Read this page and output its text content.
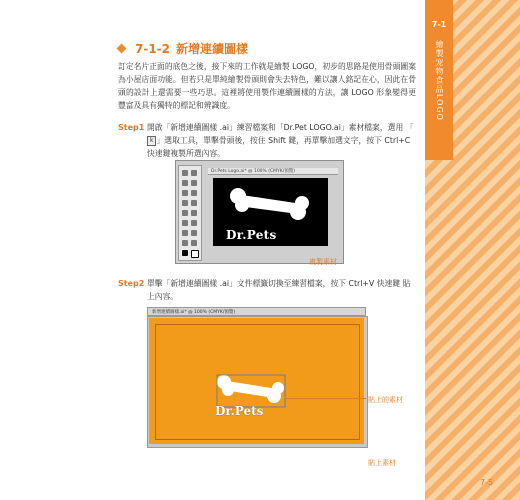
7-1
繪製宠物食品LOGO
7-1-2 新增連續圖樣
訂定名片正面的底色之後，接下來的工作就是繪製 LOGO，初步的思路是使用骨頭圖案為小屋店面功能。但若只是單純繪製骨頭則會失去特色，難以讓人銘記在心，因此在骨頭的設計上還需要一些巧思。這裡將使用製作連續圖樣的方法，讓 LOGO 形象變得更豐富及具有獨特的標記和辨識度。
Step1 開啟「新增連續圖樣 .ai」練習檔案和「Dr.Pet LOGO.ai」素材檔案，選用 「k 」選取工具，單擊骨頭後，按住 Shift 鍵，再單擊加選文字，按下 Ctrl+C 快速鍵複製所選內容。
Dr.Pets Logo.ai* @ 100% (CMYK/預覽)
Dr.Pets
複製素材
Step2 單擊「新增連續圖樣 .ai」文件標籤切換至練習檔案，按下 Ctrl+V 快速鍵 貼上內容。
新增連續圖樣.ai* @ 100% (CMYK/預覽)
Dr.Pets
貼上的素材
貼上素材
7-5
